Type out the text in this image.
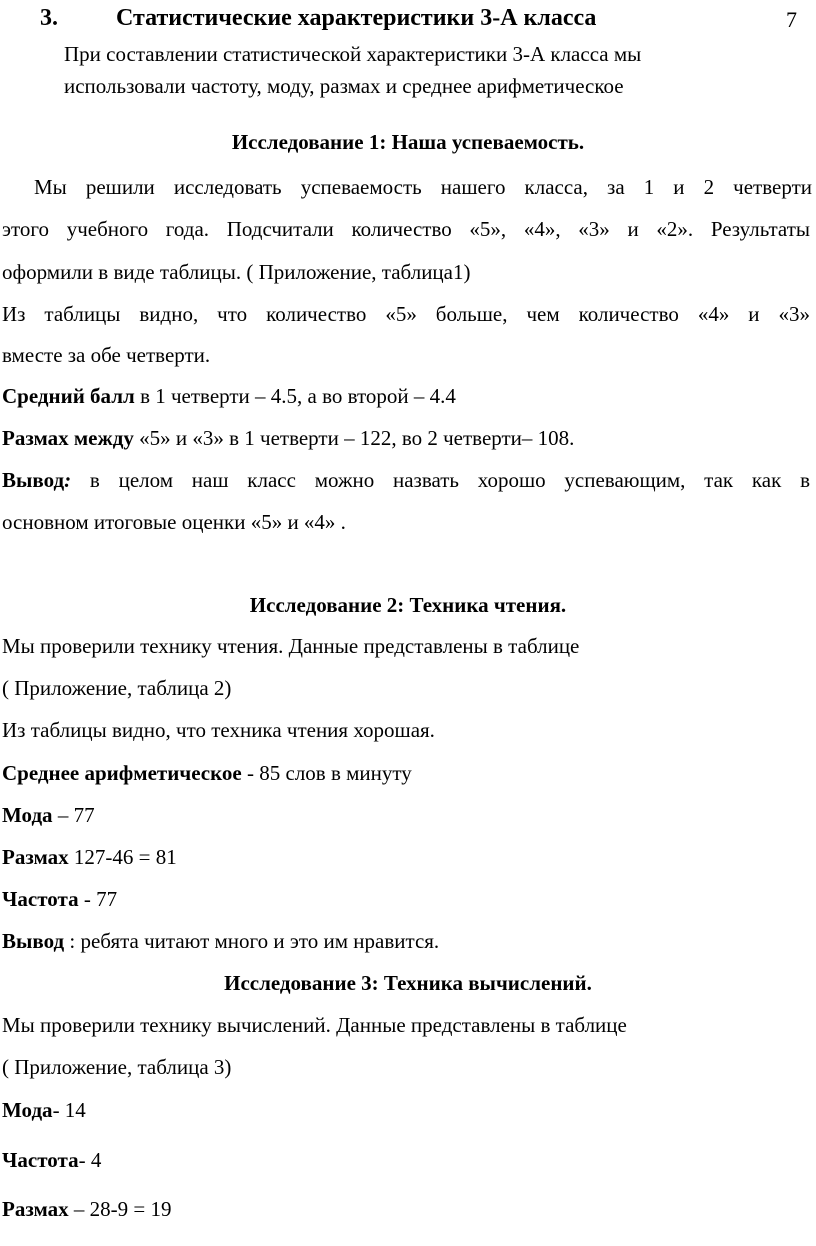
3. Статистические характеристики 3-А класса	7
При составлении статистической характеристики 3-А класса мы
использовали частоту, моду, размах и среднее арифметическое
Исследование 1: Наша успеваемость.
Мы решили исследовать успеваемость нашего класса, за 1 и 2 четверти
этого учебного года. Подсчитали количество «5», «4», «3» и «2». Результаты
оформили в виде таблицы. ( Приложение, таблица1)
Из таблицы видно, что количество «5» больше, чем количество «4» и «3»
вместе за обе четверти.
Средний балл в 1 четверти – 4.5, а во второй – 4.4
Размах между «5» и «3» в 1 четверти – 122, во 2 четверти– 108.
Вывод: в целом наш класс можно назвать хорошо успевающим, так как в
основном итоговые оценки «5» и «4» .
Исследование 2: Техника чтения.
Мы проверили технику чтения. Данные представлены в таблице
( Приложение, таблица 2)
Из таблицы видно, что техника чтения хорошая.
Среднее арифметическое - 85 слов в минуту
Мода – 77
Размах 127-46 = 81
Частота - 77
Вывод : ребята читают много и это им нравится.
Исследование 3: Техника вычислений.
Мы проверили технику вычислений. Данные представлены в таблице
( Приложение, таблица 3)
Мода- 14
Частота- 4
Размах – 28-9 = 19
